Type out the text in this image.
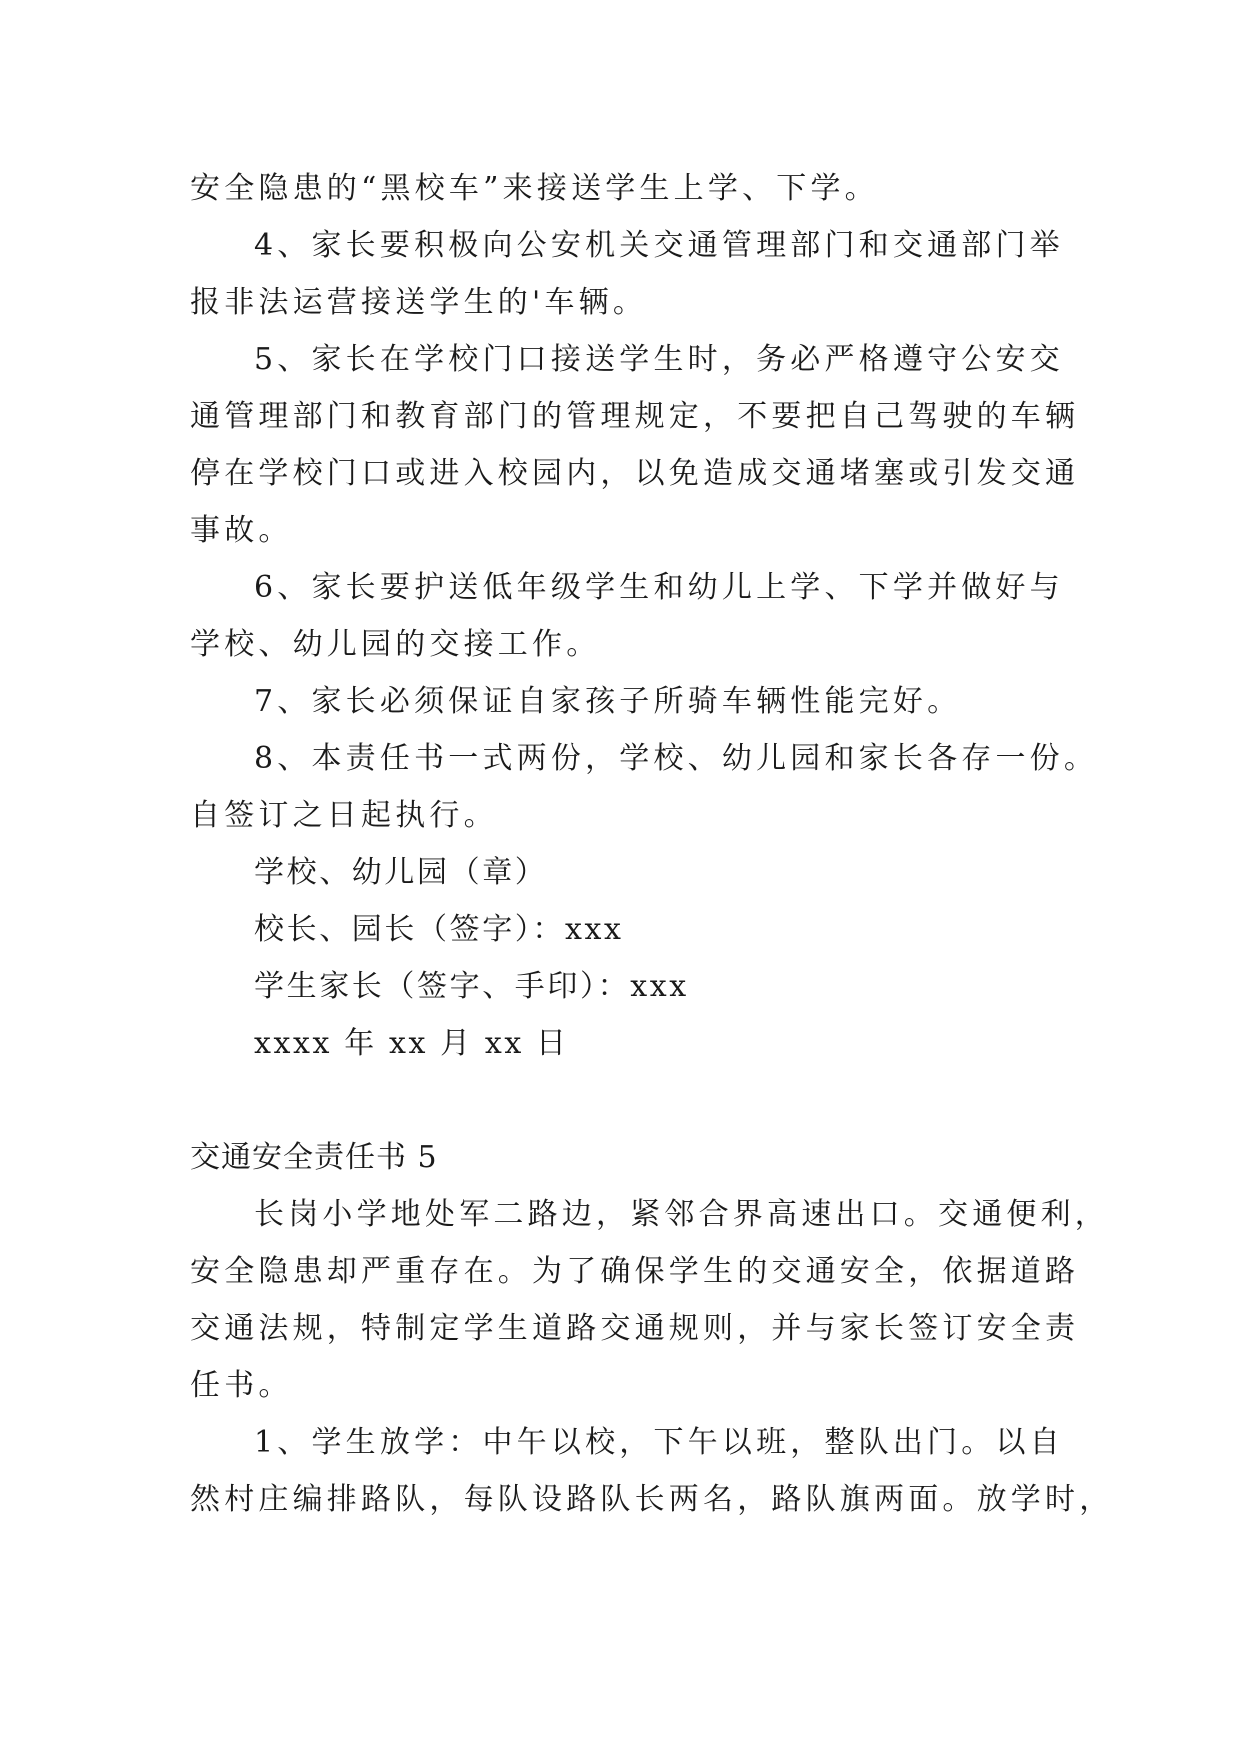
安全隐患的“黑校车”来接送学生上学、下学。

4、家长要积极向公安机关交通管理部门和交通部门举

报非法运营接送学生的'车辆。

5、家长在学校门口接送学生时，务必严格遵守公安交

通管理部门和教育部门的管理规定，不要把自己驾驶的车辆

停在学校门口或进入校园内，以免造成交通堵塞或引发交通

事故。

6、家长要护送低年级学生和幼儿上学、下学并做好与

学校、幼儿园的交接工作。

7、家长必须保证自家孩子所骑车辆性能完好。

8、本责任书一式两份，学校、幼儿园和家长各存一份。

自签订之日起执行。

学校、幼儿园（章）

校长、园长（签字）：xxx

学生家长（签字、手印）：xxx

xxxx 年 xx 月 xx 日

交通安全责任书 5

长岗小学地处军二路边，紧邻合界高速出口。交通便利，

安全隐患却严重存在。为了确保学生的交通安全，依据道路

交通法规，特制定学生道路交通规则，并与家长签订安全责

任书。

1、学生放学：中午以校，下午以班，整队出门。以自

然村庄编排路队，每队设路队长两名，路队旗两面。放学时，
